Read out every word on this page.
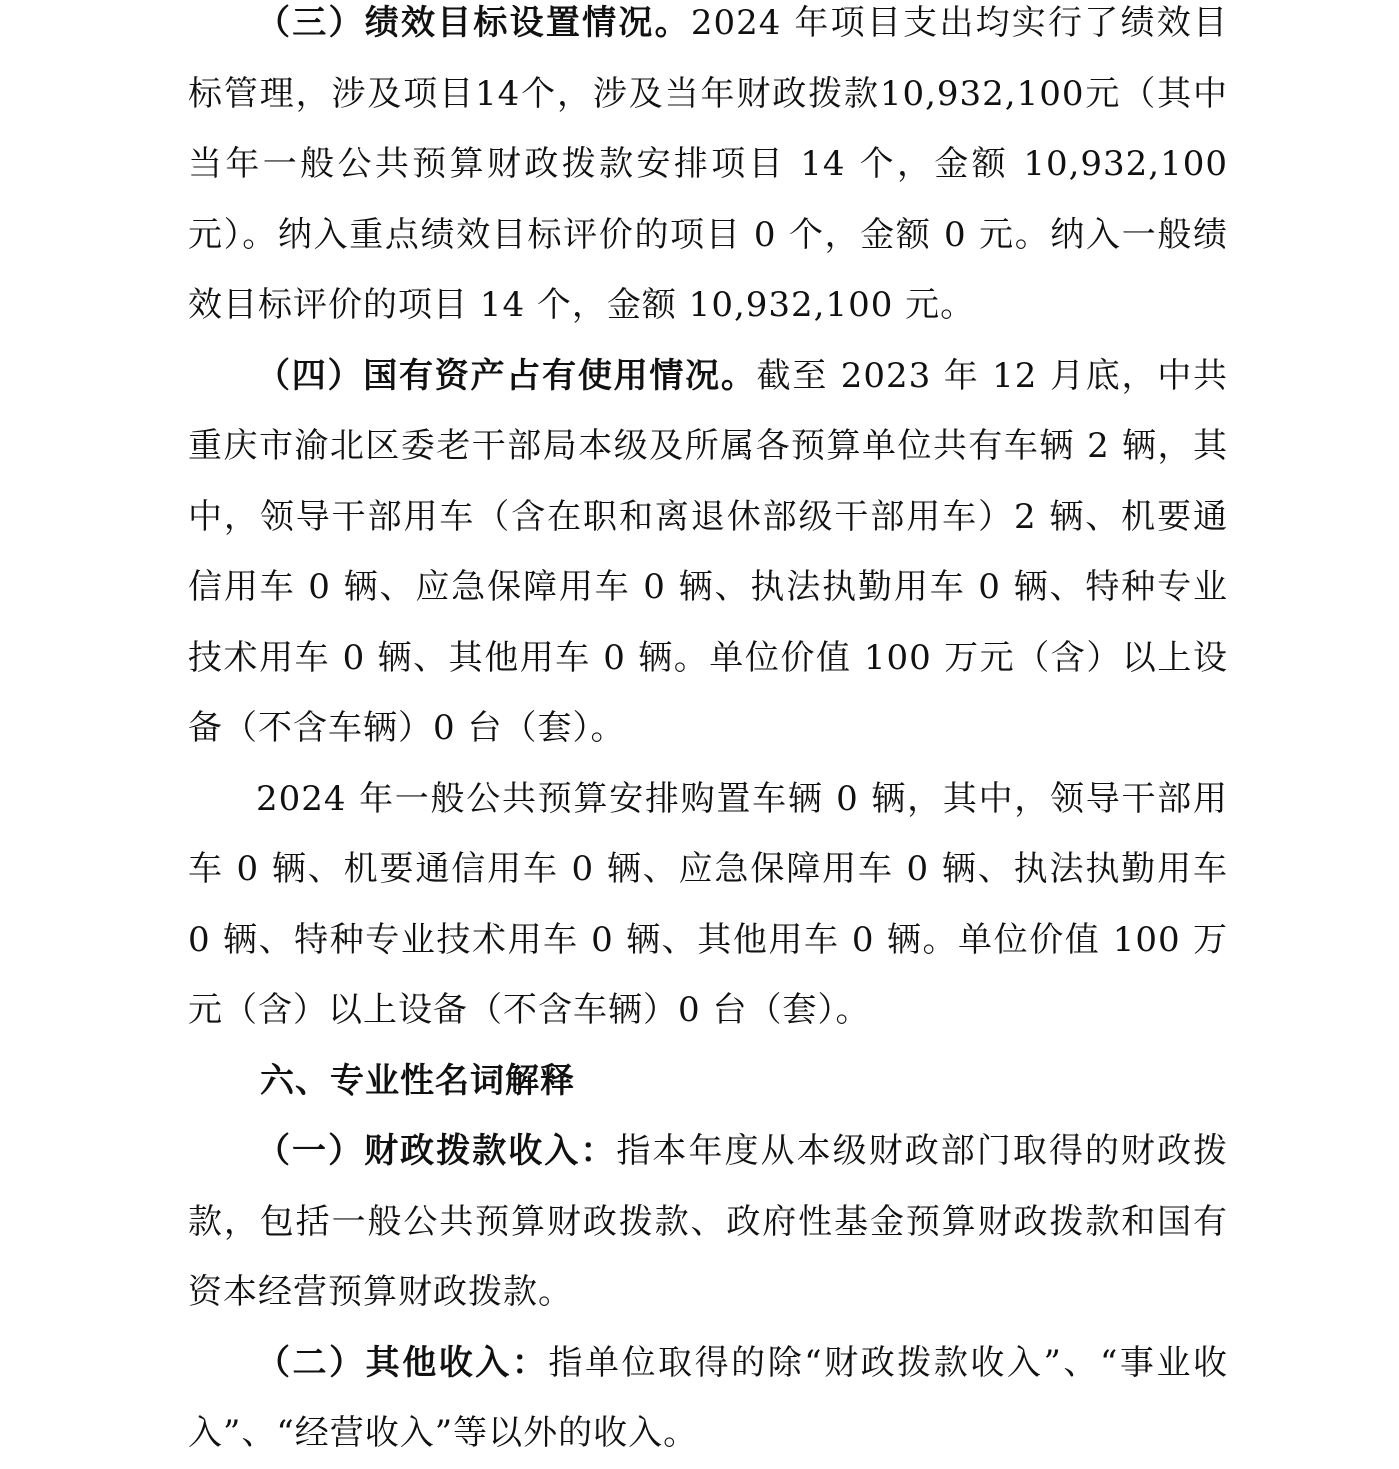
（三）绩效目标设置情况。2024 年项目支出均实行了绩效目标管理，涉及项目14个，涉及当年财政拨款10,932,100元（其中当年一般公共预算财政拨款安排项目 14 个，金额 10,932,100元）。纳入重点绩效目标评价的项目 0 个，金额 0 元。纳入一般绩效目标评价的项目 14 个，金额 10,932,100 元。

（四）国有资产占有使用情况。截至 2023 年 12 月底，中共重庆市渝北区委老干部局本级及所属各预算单位共有车辆 2 辆，其中，领导干部用车（含在职和离退休部级干部用车）2 辆、机要通信用车 0 辆、应急保障用车 0 辆、执法执勤用车 0 辆、特种专业技术用车 0 辆、其他用车 0 辆。单位价值 100 万元（含）以上设备（不含车辆）0 台（套）。

2024 年一般公共预算安排购置车辆 0 辆，其中，领导干部用车 0 辆、机要通信用车 0 辆、应急保障用车 0 辆、执法执勤用车 0 辆、特种专业技术用车 0 辆、其他用车 0 辆。单位价值 100 万元（含）以上设备（不含车辆）0 台（套）。

六、专业性名词解释

（一）财政拨款收入：指本年度从本级财政部门取得的财政拨款，包括一般公共预算财政拨款、政府性基金预算财政拨款和国有资本经营预算财政拨款。

（二）其他收入：指单位取得的除“财政拨款收入”、“事业收入”、“经营收入”等以外的收入。
